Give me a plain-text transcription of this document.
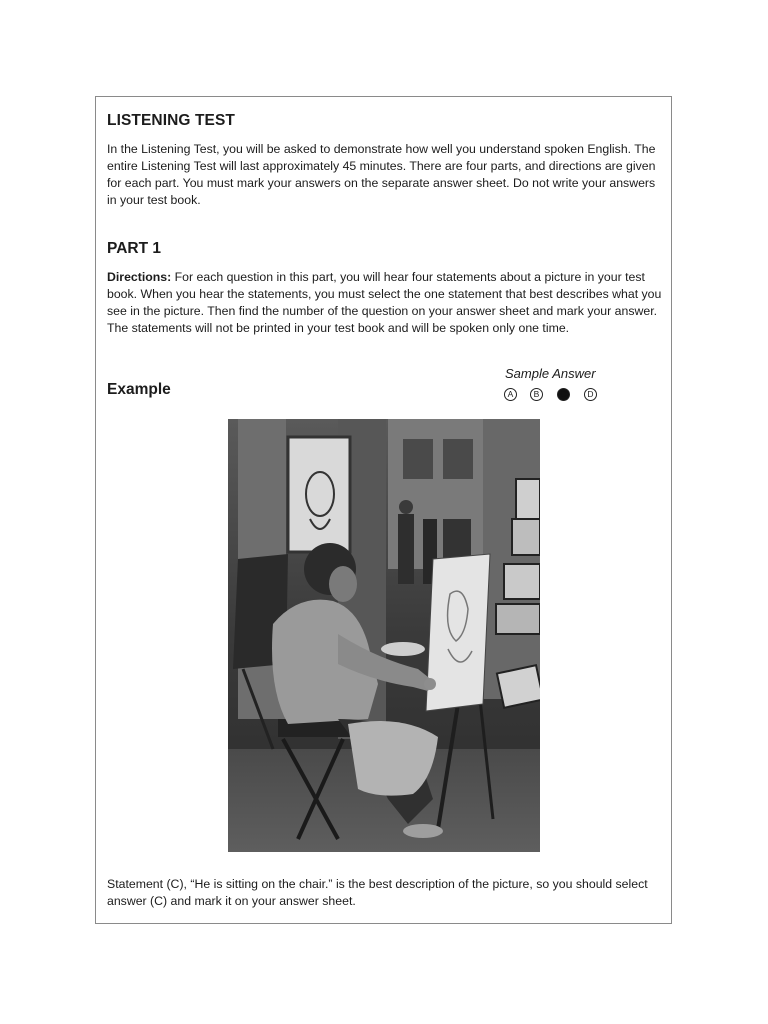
LISTENING TEST
In the Listening Test, you will be asked to demonstrate how well you understand spoken English. The entire Listening Test will last approximately 45 minutes. There are four parts, and directions are given for each part. You must mark your answers on the separate answer sheet. Do not write your answers in your test book.
PART 1
Directions: For each question in this part, you will hear four statements about a picture in your test book. When you hear the statements, you must select the one statement that best describes what you see in the picture. Then find the number of the question on your answer sheet and mark your answer. The statements will not be printed in your test book and will be spoken only one time.
Example
Sample Answer
A	B	C	D
Statement (C), “He is sitting on the chair.” is the best description of the picture, so you should select answer (C) and mark it on your answer sheet.
